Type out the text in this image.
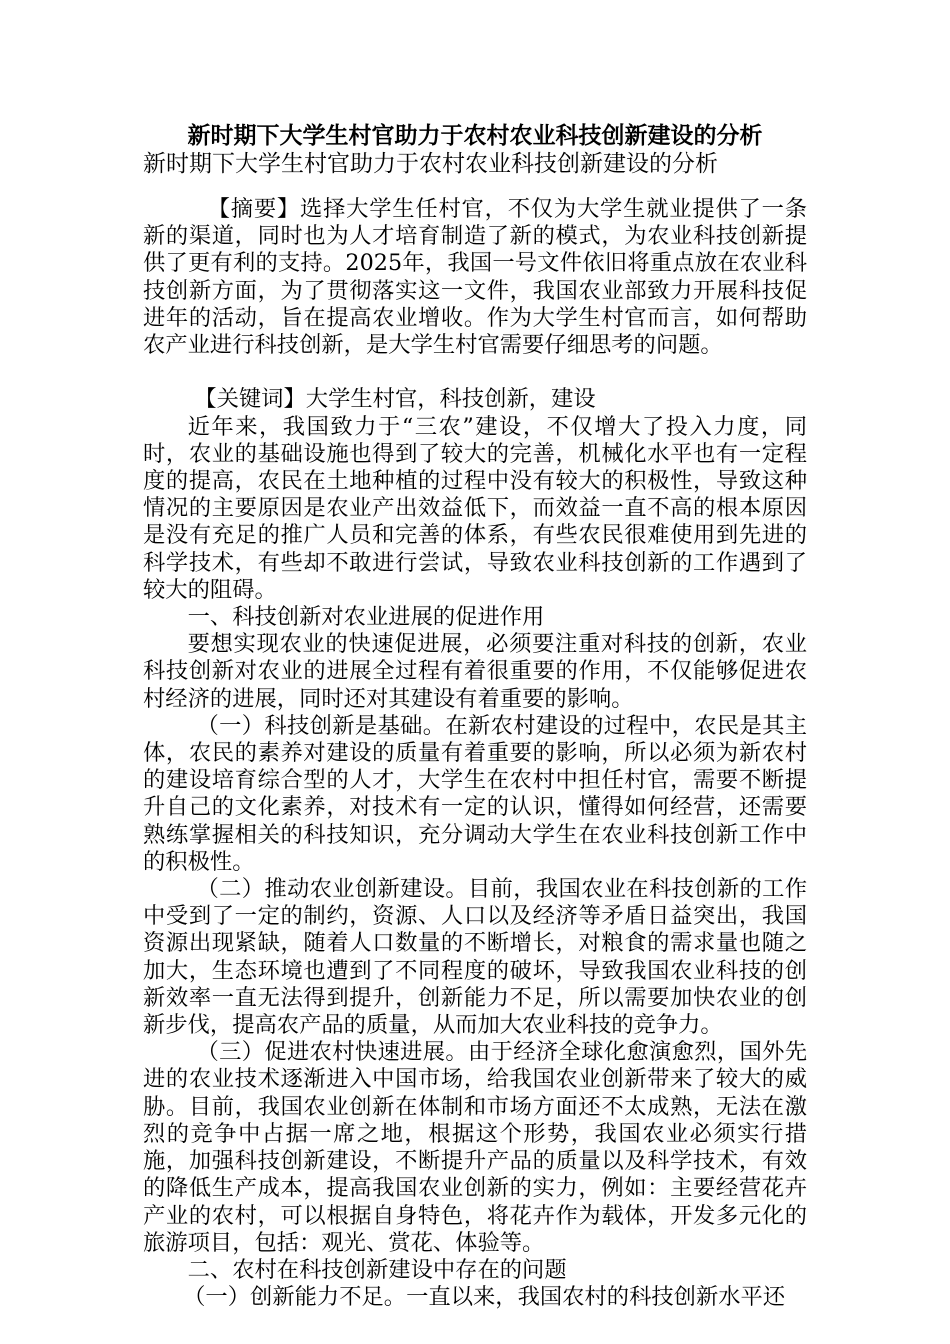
新时期下大学生村官助力于农村农业科技创新建设的分析
新时期下大学生村官助力于农村农业科技创新建设的分析

【摘要】选择大学生任村官，不仅为大学生就业提供了一条新的渠道，同时也为人才培育制造了新的模式，为农业科技创新提供了更有利的支持。2025年，我国一号文件依旧将重点放在农业科技创新方面，为了贯彻落实这一文件，我国农业部致力开展科技促进年的活动，旨在提高农业增收。作为大学生村官而言，如何帮助农产业进行科技创新，是大学生村官需要仔细思考的问题。

【关键词】大学生村官，科技创新，建设

近年来，我国致力于“三农”建设，不仅增大了投入力度，同时，农业的基础设施也得到了较大的完善，机械化水平也有一定程度的提高，农民在土地种植的过程中没有较大的积极性，导致这种情况的主要原因是农业产出效益低下，而效益一直不高的根本原因是没有充足的推广人员和完善的体系，有些农民很难使用到先进的科学技术，有些却不敢进行尝试，导致农业科技创新的工作遇到了较大的阻碍。

一、科技创新对农业进展的促进作用

要想实现农业的快速促进展，必须要注重对科技的创新，农业科技创新对农业的进展全过程有着很重要的作用，不仅能够促进农村经济的进展，同时还对其建设有着重要的影响。

（一）科技创新是基础。在新农村建设的过程中，农民是其主体，农民的素养对建设的质量有着重要的影响，所以必须为新农村的建设培育综合型的人才，大学生在农村中担任村官，需要不断提升自己的文化素养，对技术有一定的认识，懂得如何经营，还需要熟练掌握相关的科技知识，充分调动大学生在农业科技创新工作中的积极性。

（二）推动农业创新建设。目前，我国农业在科技创新的工作中受到了一定的制约，资源、人口以及经济等矛盾日益突出，我国资源出现紧缺，随着人口数量的不断增长，对粮食的需求量也随之加大，生态环境也遭到了不同程度的破坏，导致我国农业科技的创新效率一直无法得到提升，创新能力不足，所以需要加快农业的创新步伐，提高农产品的质量，从而加大农业科技的竞争力。

（三）促进农村快速进展。由于经济全球化愈演愈烈，国外先进的农业技术逐渐进入中国市场，给我国农业创新带来了较大的威胁。目前，我国农业创新在体制和市场方面还不太成熟，无法在激烈的竞争中占据一席之地，根据这个形势，我国农业必须实行措施，加强科技创新建设，不断提升产品的质量以及科学技术，有效的降低生产成本，提高我国农业创新的实力，例如：主要经营花卉产业的农村，可以根据自身特色，将花卉作为载体，开发多元化的旅游项目，包括：观光、赏花、体验等。

二、农村在科技创新建设中存在的问题

（一）创新能力不足。一直以来，我国农村的科技创新水平还
